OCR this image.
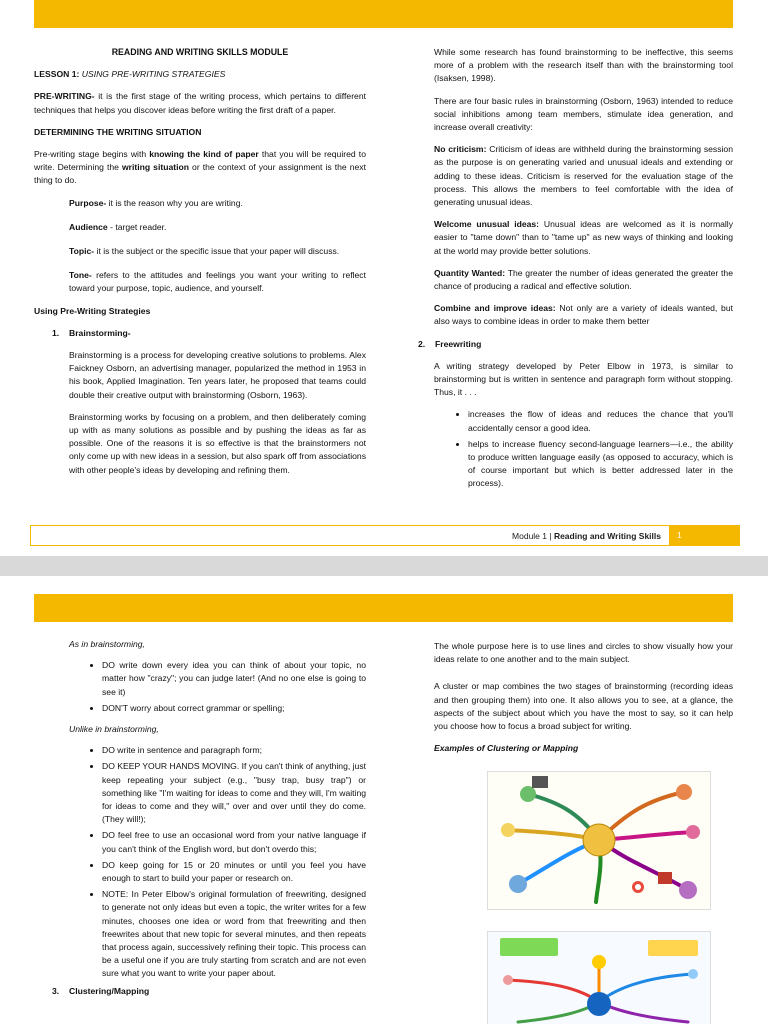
READING AND WRITING SKILLS MODULE

LESSON 1: USING PRE-WRITING STRATEGIES

PRE-WRITING- it is the first stage of the writing process, which pertains to different techniques that helps you discover ideas before writing the first draft of a paper.

DETERMINING THE WRITING SITUATION

Pre-writing stage begins with knowing the kind of paper that you will be required to write. Determining the writing situation or the context of your assignment is the next thing to do.

Purpose- it is the reason why you are writing.

Audience - target reader.

Topic- it is the subject or the specific issue that your paper will discuss.

Tone- refers to the attitudes and feelings you want your writing to reflect toward your purpose, topic, audience, and yourself.

Using Pre-Writing Strategies

1.	Brainstorming-

Brainstorming is a process for developing creative solutions to problems. Alex Faickney Osborn, an advertising manager, popularized the method in 1953 in his book, Applied Imagination. Ten years later, he proposed that teams could double their creative output with brainstorming (Osborn, 1963).

Brainstorming works by focusing on a problem, and then deliberately coming up with as many solutions as possible and by pushing the ideas as far as possible. One of the reasons it is so effective is that the brainstormers not only come up with new ideas in a session, but also spark off from associations with other people's ideas by developing and refining them.

While some research has found brainstorming to be ineffective, this seems more of a problem with the research itself than with the brainstorming tool (Isaksen, 1998).

There are four basic rules in brainstorming (Osborn, 1963) intended to reduce social inhibitions among team members, stimulate idea generation, and increase overall creativity:

No criticism: Criticism of ideas are withheld during the brainstorming session as the purpose is on generating varied and unusual ideals and extending or adding to these ideas. Criticism is reserved for the evaluation stage of the process. This allows the members to feel comfortable with the idea of generating unusual ideas.

Welcome unusual ideas: Unusual ideas are welcomed as it is normally easier to "tame down" than to "tame up" as new ways of thinking and looking at the world may provide better solutions.

Quantity Wanted: The greater the number of ideas generated the greater the chance of producing a radical and effective solution.

Combine and improve ideas: Not only are a variety of ideals wanted, but also ways to combine ideas in order to make them better

2.	Freewriting

A writing strategy developed by Peter Elbow in 1973, is similar to brainstorming but is written in sentence and paragraph form without stopping. Thus, it . . .

• increases the flow of ideas and reduces the chance that you'll accidentally censor a good idea.
• helps to increase fluency second-language learners—i.e., the ability to produce written language easily (as opposed to accuracy, which is of course important but which is better addressed later in the process).
Module 1 | Reading and Writing Skills	1

As in brainstorming,

• DO write down every idea you can think of about your topic, no matter how "crazy"; you can judge later! (And no one else is going to see it)
• DON'T worry about correct grammar or spelling;

Unlike in brainstorming,

• DO write in sentence and paragraph form;
• DO KEEP YOUR HANDS MOVING. If you can't think of anything, just keep repeating your subject (e.g., "busy trap, busy trap") or something like "I'm waiting for ideas to come and they will, I'm waiting for ideas to come and they will," over and over until they do come. (They will!);
• DO feel free to use an occasional word from your native language if you can't think of the English word, but don't overdo this;
• DO keep going for 15 or 20 minutes or until you feel you have enough to start to build your paper or research on.
• NOTE: In Peter Elbow's original formulation of freewriting, designed to generate not only ideas but even a topic, the writer writes for a few minutes, chooses one idea or word from that freewriting and then freewrites about that new topic for several minutes, and then repeats that process again, successively refining their topic. This process can be a useful one if you are truly starting from scratch and are not even sure what you want to write your paper about.
3.	Clustering/Mapping

The whole purpose here is to use lines and circles to show visually how your ideas relate to one another and to the main subject.

A cluster or map combines the two stages of brainstorming (recording ideas and then grouping them) into one. It also allows you to see, at a glance, the aspects of the subject about which you have the most to say, so it can help you choose how to focus a broad subject for writing.

Examples of Clustering or Mapping
